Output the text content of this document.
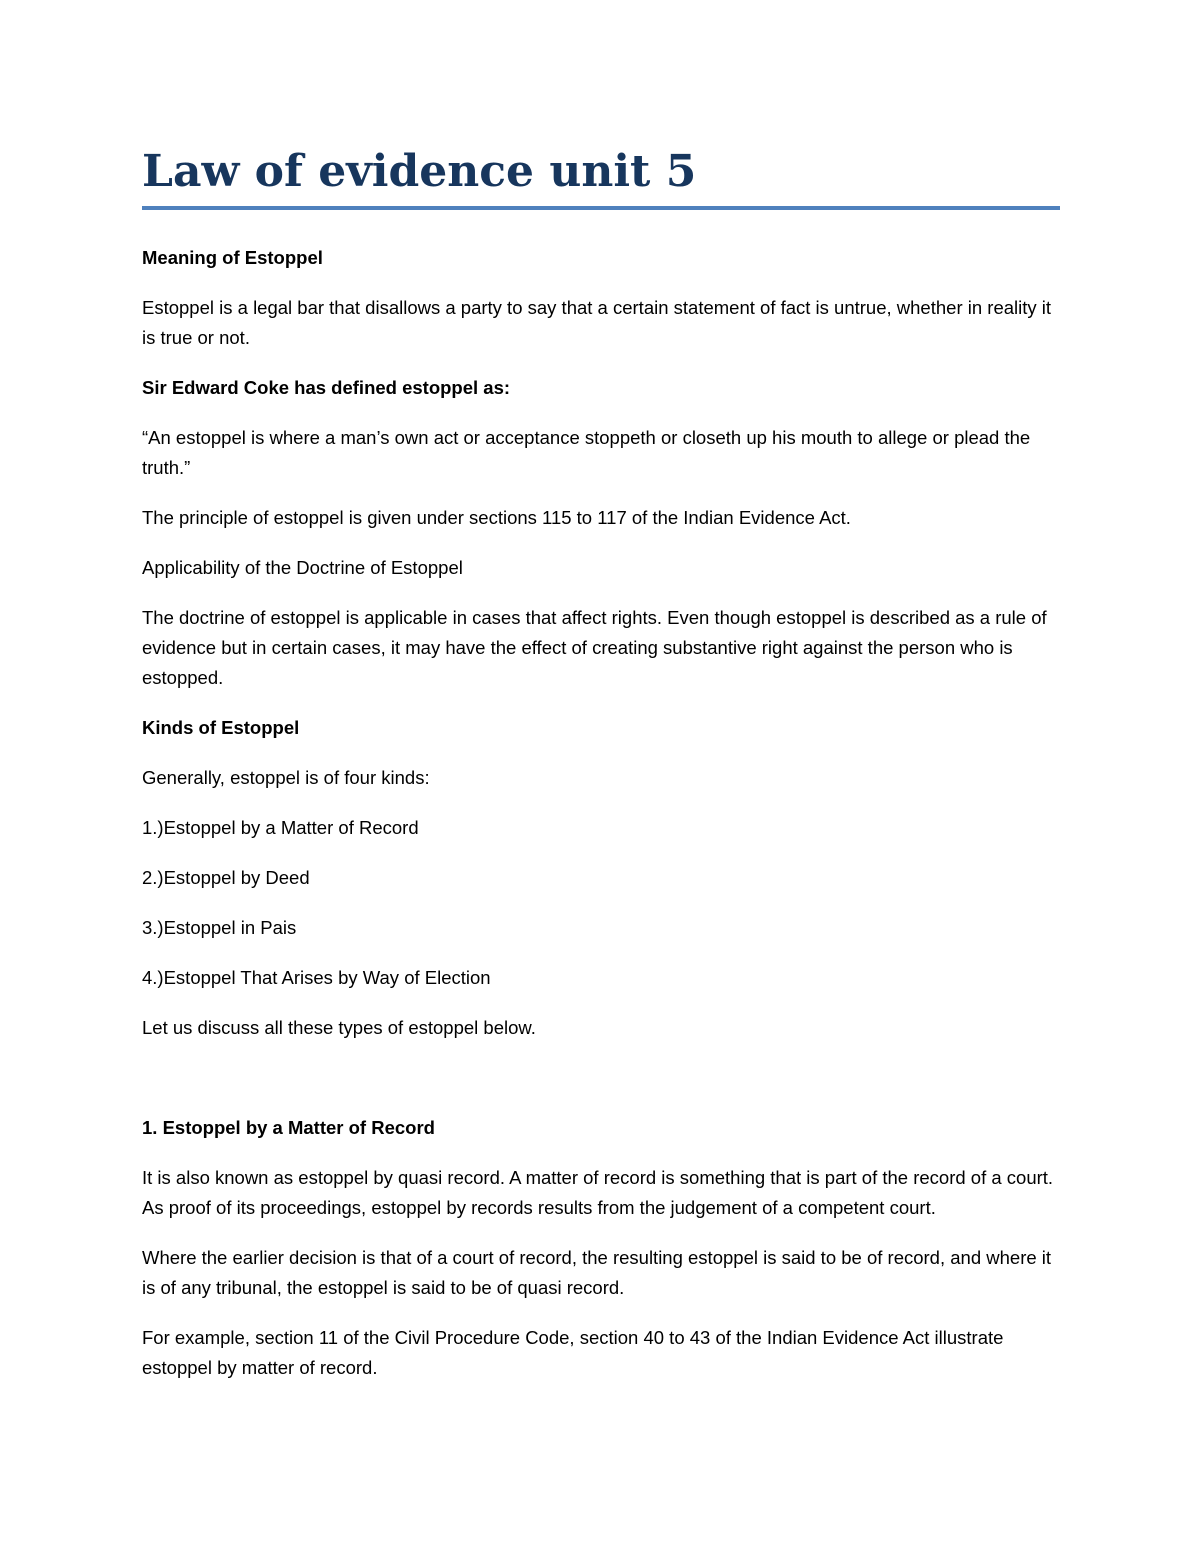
Law of evidence unit 5

Meaning of Estoppel

Estoppel is a legal bar that disallows a party to say that a certain statement of fact is untrue, whether in reality it is true or not.

Sir Edward Coke has defined estoppel as:

“An estoppel is where a man’s own act or acceptance stoppeth or closeth up his mouth to allege or plead the truth.”

The principle of estoppel is given under sections 115 to 117 of the Indian Evidence Act.

Applicability of the Doctrine of Estoppel

The doctrine of estoppel is applicable in cases that affect rights. Even though estoppel is described as a rule of evidence but in certain cases, it may have the effect of creating substantive right against the person who is estopped.

Kinds of Estoppel

Generally, estoppel is of four kinds:

1.)Estoppel by a Matter of Record

2.)Estoppel by Deed

3.)Estoppel in Pais

4.)Estoppel That Arises by Way of Election

Let us discuss all these types of estoppel below.

1. Estoppel by a Matter of Record

It is also known as estoppel by quasi record. A matter of record is something that is part of the record of a court. As proof of its proceedings, estoppel by records results from the judgement of a competent court.

Where the earlier decision is that of a court of record, the resulting estoppel is said to be of record, and where it is of any tribunal, the estoppel is said to be of quasi record.

For example, section 11 of the Civil Procedure Code, section 40 to 43 of the Indian Evidence Act illustrate estoppel by matter of record.
